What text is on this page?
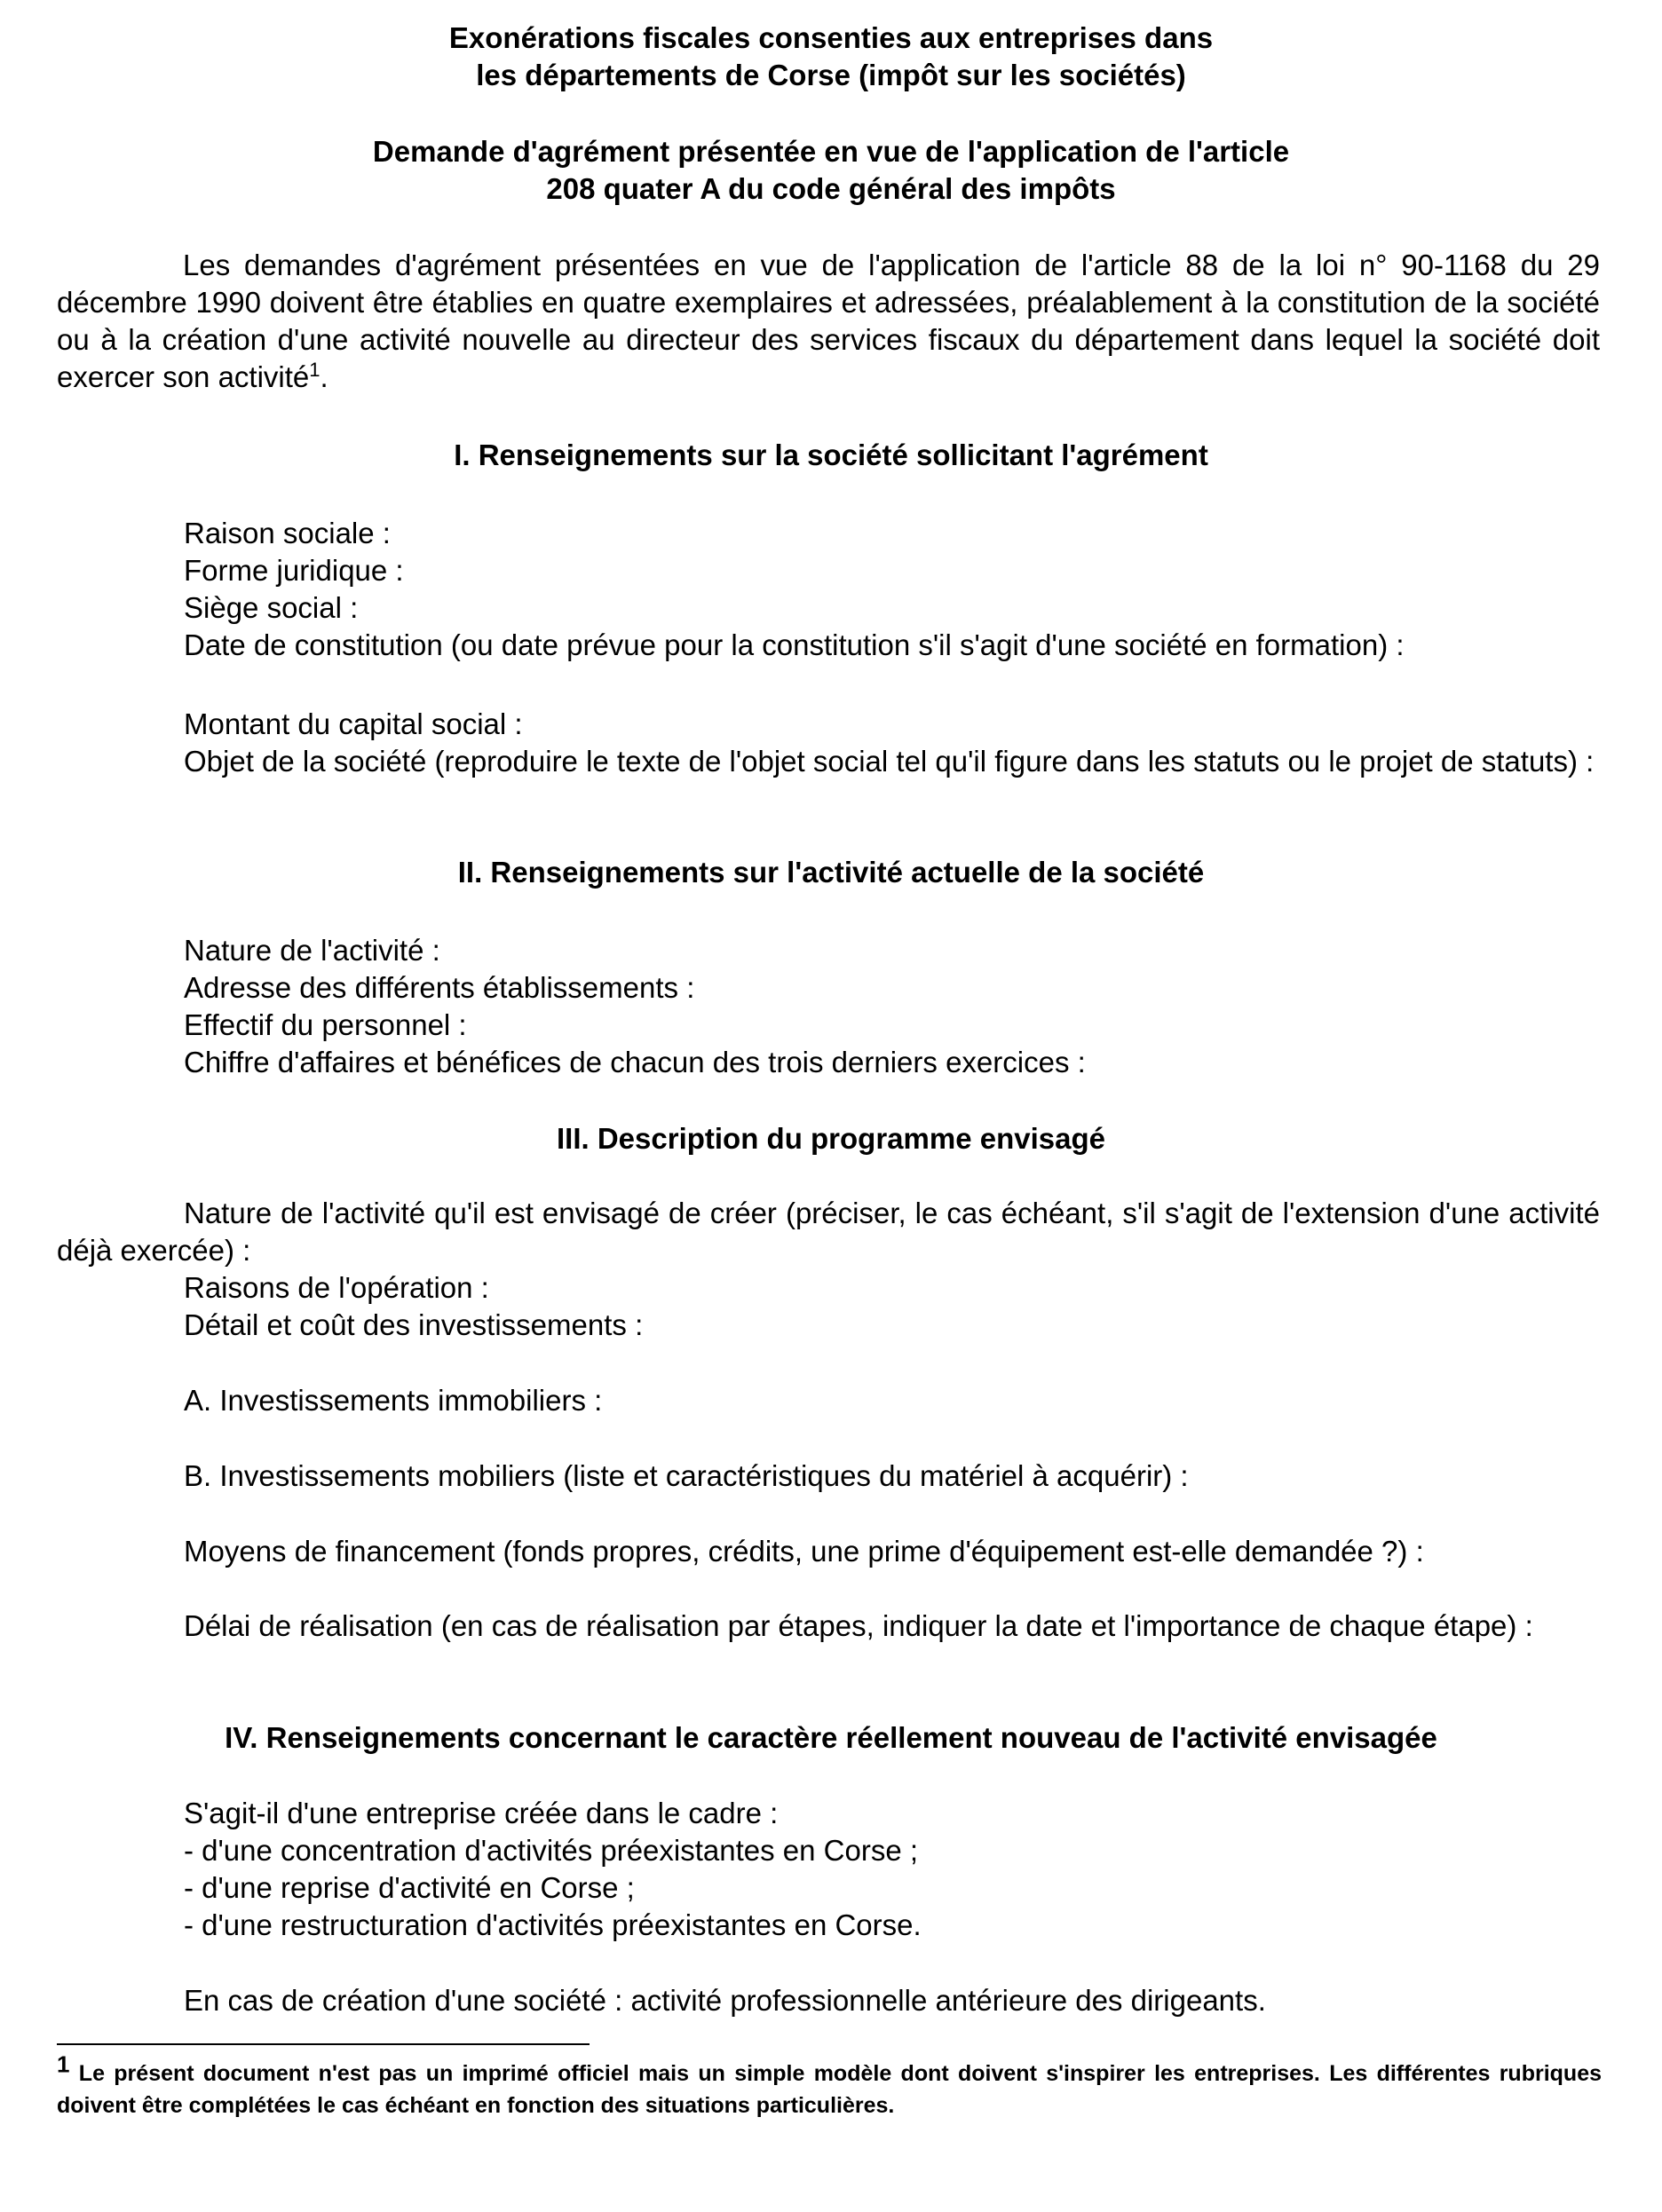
Exonérations fiscales consenties aux entreprises dans
les départements de Corse (impôt sur les sociétés)
Demande d'agrément présentée en vue de l'application de l'article
208 quater A du code général des impôts
Les demandes d'agrément présentées en vue de l'application de l'article 88 de la loi n° 90-1168 du 29 décembre 1990 doivent être établies en quatre exemplaires et adressées, préalablement à la constitution de la société ou à la création d'une activité nouvelle au directeur des services fiscaux du département dans lequel la société doit exercer son activité$^1$.
I. Renseignements sur la société sollicitant l'agrément
Raison sociale :
Forme juridique :
Siège social :
Date de constitution (ou date prévue pour la constitution s'il s'agit d'une société en formation) :
Montant du capital social :
Objet de la société (reproduire le texte de l'objet social tel qu'il figure dans les statuts ou le projet de statuts) :
II. Renseignements sur l'activité actuelle de la société
Nature de l'activité :
Adresse des différents établissements :
Effectif du personnel :
Chiffre d'affaires et bénéfices de chacun des trois derniers exercices :
III. Description du programme envisagé
Nature de l'activité qu'il est envisagé de créer (préciser, le cas échéant, s'il s'agit de l'extension d'une activité déjà exercée) :
Raisons de l'opération :
Détail et coût des investissements :
A. Investissements immobiliers :
B. Investissements mobiliers (liste et caractéristiques du matériel à acquérir) :
Moyens de financement (fonds propres, crédits, une prime d'équipement est-elle demandée ?) :
Délai de réalisation (en cas de réalisation par étapes, indiquer la date et l'importance de chaque étape) :
IV. Renseignements concernant le caractère réellement nouveau de l'activité envisagée
S'agit-il d'une entreprise créée dans le cadre :
- d'une concentration d'activités préexistantes en Corse ;
- d'une reprise d'activité en Corse ;
- d'une restructuration d'activités préexistantes en Corse.
En cas de création d'une société : activité professionnelle antérieure des dirigeants.
$^1$ Le présent document n'est pas un imprimé officiel mais un simple modèle dont doivent s'inspirer les entreprises. Les différentes rubriques doivent être complétées le cas échéant en fonction des situations particulières.
